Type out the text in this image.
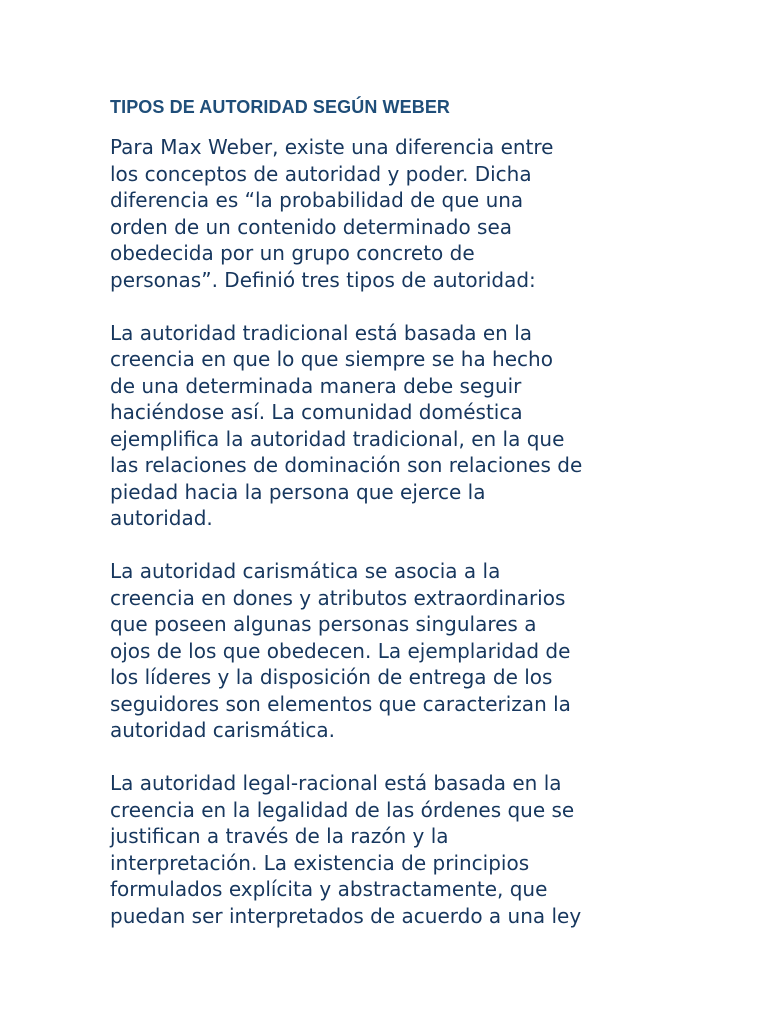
TIPOS DE AUTORIDAD SEGÚN WEBER

Para Max Weber, existe una diferencia entre
los conceptos de autoridad y poder. Dicha
diferencia es “la probabilidad de que una
orden de un contenido determinado sea
obedecida por un grupo concreto de
personas”. Definió tres tipos de autoridad:

La autoridad tradicional está basada en la
creencia en que lo que siempre se ha hecho
de una determinada manera debe seguir
haciéndose así. La comunidad doméstica
ejemplifica la autoridad tradicional, en la que
las relaciones de dominación son relaciones de
piedad hacia la persona que ejerce la
autoridad.

La autoridad carismática se asocia a la
creencia en dones y atributos extraordinarios
que poseen algunas personas singulares a
ojos de los que obedecen. La ejemplaridad de
los líderes y la disposición de entrega de los
seguidores son elementos que caracterizan la
autoridad carismática.

La autoridad legal-racional está basada en la
creencia en la legalidad de las órdenes que se
justifican a través de la razón y la
interpretación. La existencia de principios
formulados explícita y abstractamente, que
puedan ser interpretados de acuerdo a una ley
